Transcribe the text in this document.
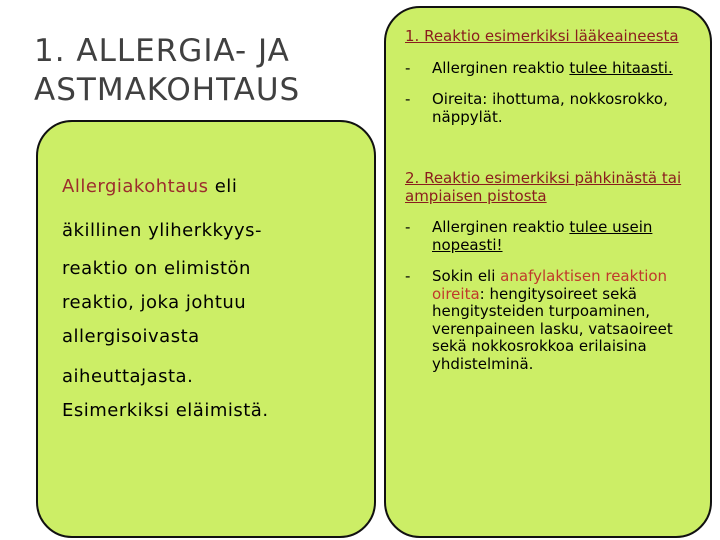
1. ALLERGIA- JA
ASTMAKOHTAUS

Allergiakohtaus eli

äkillinen yliherkkyys-

reaktio on elimistön

reaktio, joka johtuu

allergisoivasta

aiheuttajasta.

Esimerkiksi eläimistä.

1. Reaktio esimerkiksi lääkeaineesta

- Allerginen reaktio tulee hitaasti.

- Oireita: ihottuma, nokkosrokko, näppylät.

2. Reaktio esimerkiksi pähkinästä tai ampiaisen pistosta

- Allerginen reaktio tulee usein nopeasti!

- Sokin eli anafylaktisen reaktion oireita: hengitysoireet sekä hengitysteiden turpoaminen, verenpaineen lasku, vatsaoireet sekä nokkosrokkoa erilaisina yhdistelminä.
